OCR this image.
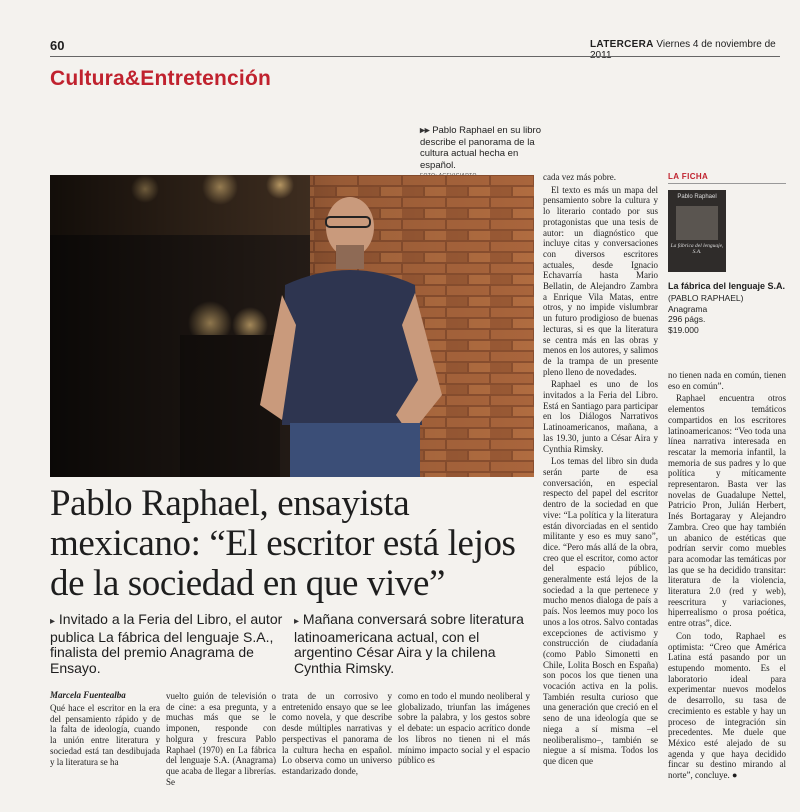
60	LATERCERA Viernes 4 de noviembre de
Cultura&Entretención
▸▸ Pablo Raphael en su libro describe el panorama de la cultura actual hecha en español.

cada vez más pobre.

El texto es más un mapa del pensamiento sobre la cultura y lo literario contado por sus protagonistas que una tesis de autor: un diagnóstico que incluye citas y conversaciones con diversos escritores actuales, desde Ignacio Echavarría hasta Mario Bellatin, de Alejandro Zambra a Enrique Vila Matas, entre otros, y no impide vislumbrar un futuro prodigioso de buenas lecturas, si es que la literatura se centra más en las obras y menos en los autores, y salimos de la trampa de un presente pleno lleno de novedades.

Raphael es uno de los invitados a la Feria del Libro. Está en Santiago para participar en los Diálogos Narrativos Latinoamericanos, mañana, a las 19.30, junto a César Aira y Cynthia Rimsky.

Los temas del libro sin duda serán parte de esa conversación, en especial respecto del papel del escritor dentro de la sociedad en que vive: “La política y la literatura están divorciadas en el sentido militante y eso es muy sano”, dice. “Pero más allá de la obra, creo que el escritor, como actor del espacio público, generalmente está lejos de la sociedad a la que pertenece y mucho menos dialoga de país a país. Nos leemos muy poco los unos a los otros. Salvo contadas excepciones de activismo y construcción de ciudadanía (como Pablo Simonetti en Chile, Lolita Bosch en España) son pocos los que tienen una vocación activa en la polis. También resulta curioso que una generación que creció en el seno de una ideología que se niega a sí misma –el neoliberalismo–, también se niegue a sí misma. Todos los que dicen que

LA FICHA
Pablo Raphael
La fábrica del lenguaje, S.A.
La fábrica del lenguaje S.A.
(PABLO RAPHAEL)
Anagrama
296 págs.
$19.000

no tienen nada en común, tienen eso en común”.

Raphael encuentra otros elementos temáticos compartidos en los escritores latinoamericanos: “Veo toda una línea narrativa interesada en rescatar la memoria infantil, la memoria de sus padres y lo que política y míticamente representaron. Basta ver las novelas de Guadalupe Nettel, Patricio Pron, Julián Herbert, Inés Bortagaray y Alejandro Zambra. Creo que hay también un abanico de estéticas que podrían servir como muebles para acomodar las temáticas por las que se ha decidido transitar: literatura de la violencia, literatura 2.0 (red y web), reescritura y variaciones, hiperrealismo o prosa poética, entre otras”, dice.

Con todo, Raphael es optimista: “Creo que América Latina está pasando por un estupendo momento. Es el laboratorio ideal para experimentar nuevos modelos de desarrollo, su tasa de crecimiento es estable y hay un proceso de integración sin precedentes. Me duele que México esté alejado de su agenda y que haya decidido fincar su destino mirando al norte”, concluye. ●

Pablo Raphael, ensayista mexicano: “El escritor está lejos de la sociedad en que vive”
▸ Invitado a la Feria del Libro, el autor publica La fábrica del lenguaje S.A., finalista del premio Anagrama de Ensayo.
▸ Mañana conversará sobre literatura latinoamericana actual, con el argentino César Aira y la chilena Cynthia Rimsky.
Marcela Fuentealba

Qué hace el escritor en la era del pensamiento rápido y de la falta de ideología, cuando la unión entre literatura y sociedad está tan desdibujada y la literatura se ha

vuelto guión de televisión o de cine: a esa pregunta, y a muchas más que se le imponen, responde con holgura y frescura Pablo Raphael (1970) en La fábrica del lenguaje S.A. (Anagrama) que acaba de llegar a librerías. Se

trata de un corrosivo y entretenido ensayo que se lee como novela, y que describe desde múltiples narrativas y perspectivas el panorama de la cultura hecha en español. Lo observa como un universo estandarizado donde,

como en todo el mundo neoliberal y globalizado, triunfan las imágenes sobre la palabra, y los gestos sobre el debate: un espacio acrítico donde los libros no tienen ni el más mínimo impacto social y el espacio público es
